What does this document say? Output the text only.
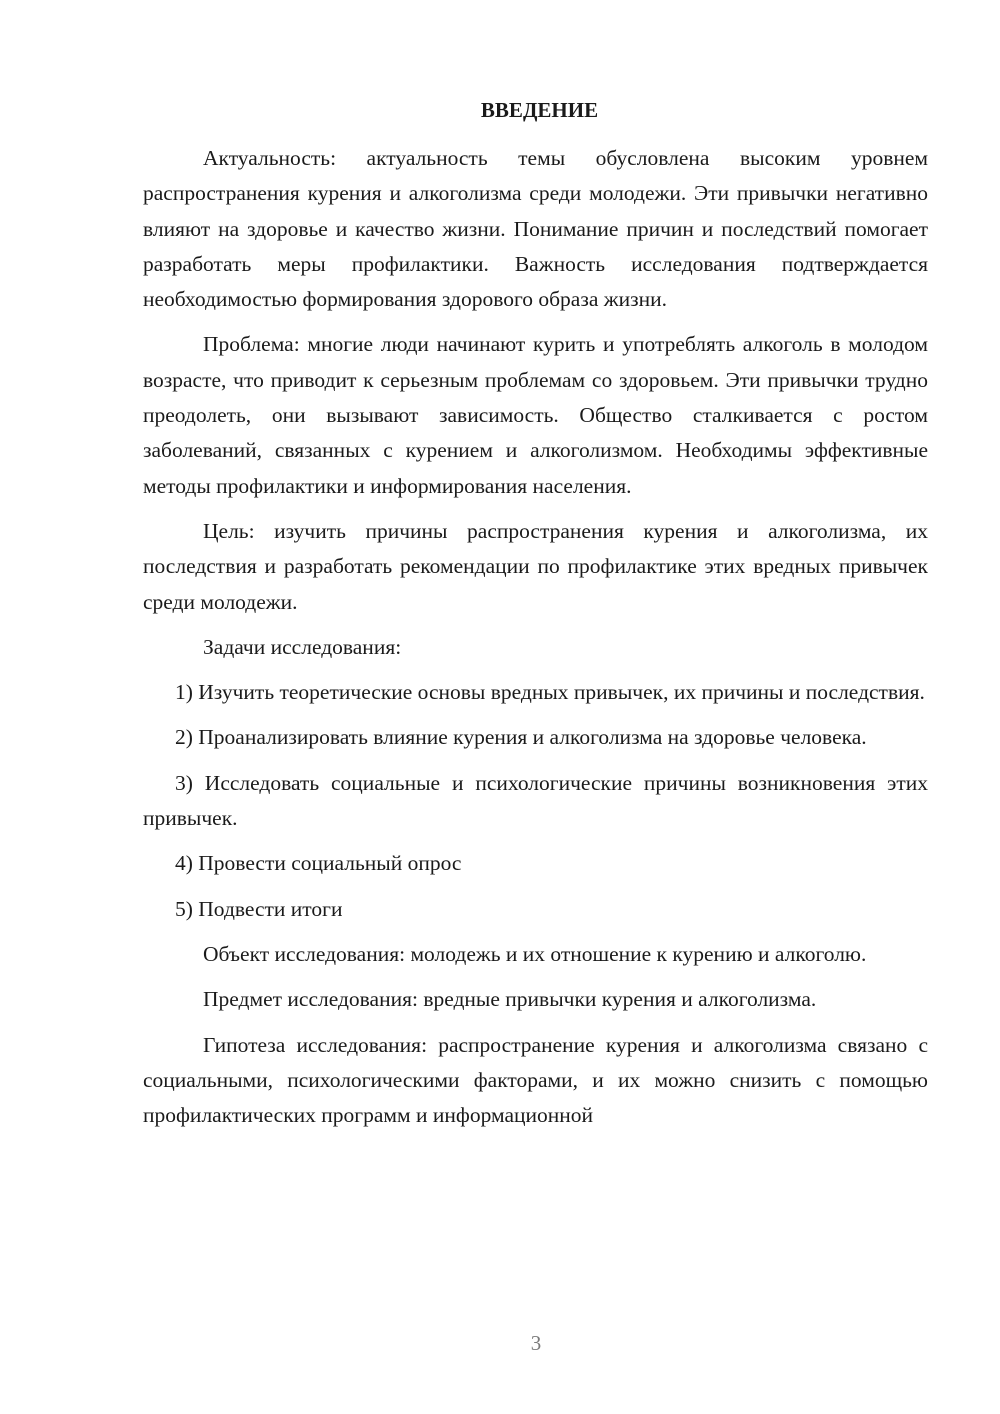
ВВЕДЕНИЕ

Актуальность: актуальность темы обусловлена высоким уровнем распространения курения и алкоголизма среди молодежи. Эти привычки негативно влияют на здоровье и качество жизни. Понимание причин и последствий помогает разработать меры профилактики. Важность исследования подтверждается необходимостью формирования здорового образа жизни.

Проблема: многие люди начинают курить и употреблять алкоголь в молодом возрасте, что приводит к серьезным проблемам со здоровьем. Эти привычки трудно преодолеть, они вызывают зависимость. Общество сталкивается с ростом заболеваний, связанных с курением и алкоголизмом. Необходимы эффективные методы профилактики и информирования населения.

Цель: изучить причины распространения курения и алкоголизма, их последствия и разработать рекомендации по профилактике этих вредных привычек среди молодежи.

Задачи исследования:

1) Изучить теоретические основы вредных привычек, их причины и последствия.

2) Проанализировать влияние курения и алкоголизма на здоровье человека.

3) Исследовать социальные и психологические причины возникновения этих привычек.

4) Провести социальный опрос

5) Подвести итоги

Объект исследования: молодежь и их отношение к курению и алкоголю.

Предмет исследования: вредные привычки курения и алкоголизма.

Гипотеза исследования: распространение курения и алкоголизма связано с социальными, психологическими факторами, и их можно снизить с помощью профилактических программ и информационной

3
